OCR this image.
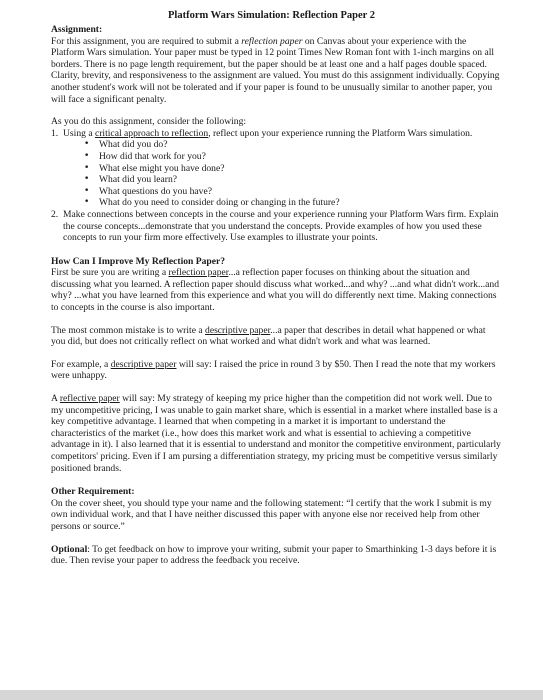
Platform Wars Simulation: Reflection Paper 2

Assignment:

For this assignment, you are required to submit a reflection paper on Canvas about your experience with the Platform Wars simulation. Your paper must be typed in 12 point Times New Roman font with 1-inch margins on all borders. There is no page length requirement, but the paper should be at least one and a half pages double spaced. Clarity, brevity, and responsiveness to the assignment are valued. You must do this assignment individually. Copying another student's work will not be tolerated and if your paper is found to be unusually similar to another paper, you will face a significant penalty.

As you do this assignment, consider the following:

1. Using a critical approach to reflection, reflect upon your experience running the Platform Wars simulation.
• What did you do?
• How did that work for you?
• What else might you have done?
• What did you learn?
• What questions do you have?
• What do you need to consider doing or changing in the future?
2. Make connections between concepts in the course and your experience running your Platform Wars firm. Explain the course concepts...demonstrate that you understand the concepts. Provide examples of how you used these concepts to run your firm more effectively. Use examples to illustrate your points.

How Can I Improve My Reflection Paper?

First be sure you are writing a reflection paper...a reflection paper focuses on thinking about the situation and discussing what you learned. A reflection paper should discuss what worked...and why? ...and what didn't work...and why? ...what you have learned from this experience and what you will do differently next time. Making connections to concepts in the course is also important.

The most common mistake is to write a descriptive paper...a paper that describes in detail what happened or what you did, but does not critically reflect on what worked and what didn't work and what was learned.

For example, a descriptive paper will say: I raised the price in round 3 by $50. Then I read the note that my workers were unhappy.

A reflective paper will say: My strategy of keeping my price higher than the competition did not work well. Due to my uncompetitive pricing, I was unable to gain market share, which is essential in a market where installed base is a key competitive advantage. I learned that when competing in a market it is important to understand the characteristics of the market (i.e., how does this market work and what is essential to achieving a competitive advantage in it). I also learned that it is essential to understand and monitor the competitive environment, particularly competitors' pricing. Even if I am pursing a differentiation strategy, my pricing must be competitive versus similarly positioned brands.

Other Requirement:

On the cover sheet, you should type your name and the following statement: “I certify that the work I submit is my own individual work, and that I have neither discussed this paper with anyone else nor received help from other persons or source.”

Optional: To get feedback on how to improve your writing, submit your paper to Smarthinking 1-3 days before it is due. Then revise your paper to address the feedback you receive.
